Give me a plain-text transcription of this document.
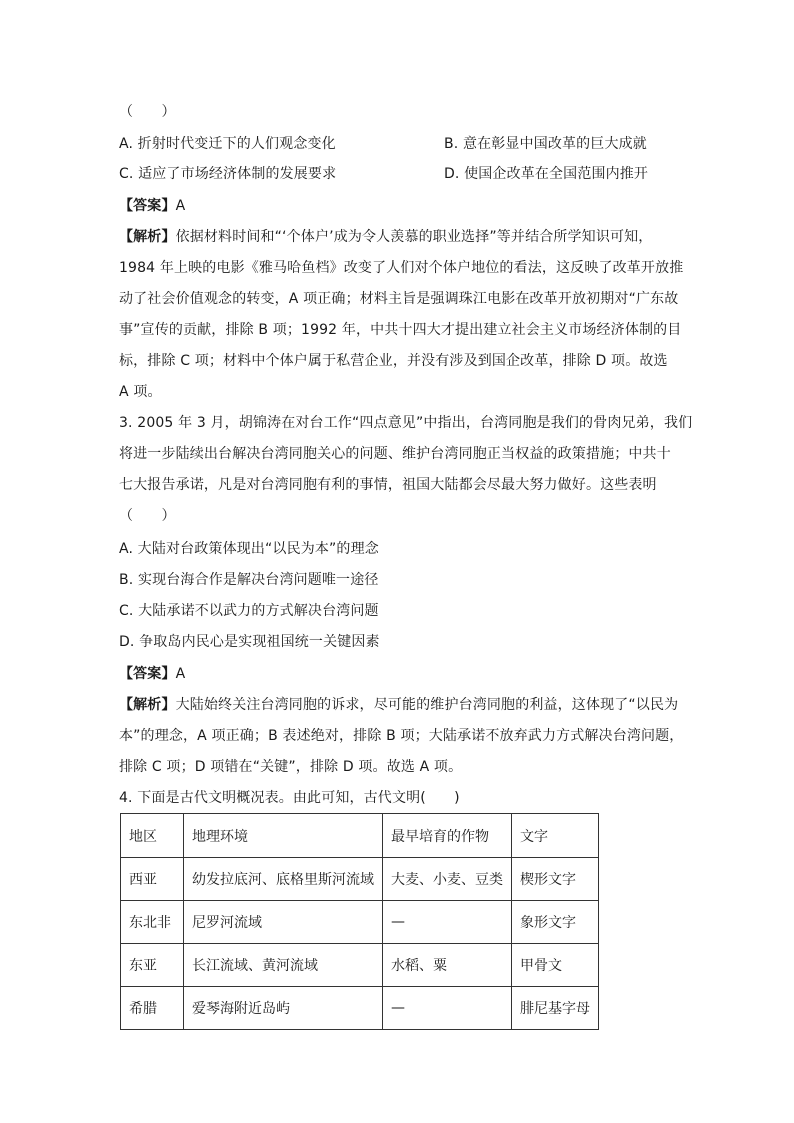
（　　）
A. 折射时代变迁下的人们观念变化	B. 意在彰显中国改革的巨大成就
C. 适应了市场经济体制的发展要求	D. 使国企改革在全国范围内推开
【答案】A
【解析】依据材料时间和“‘个体户’成为令人羡慕的职业选择”等并结合所学知识可知，
1984 年上映的电影《雅马哈鱼档》改变了人们对个体户地位的看法，这反映了改革开放推
动了社会价值观念的转变，A 项正确；材料主旨是强调珠江电影在改革开放初期对“广东故
事”宣传的贡献，排除 B 项；1992 年，中共十四大才提出建立社会主义市场经济体制的目
标，排除 C 项；材料中个体户属于私营企业，并没有涉及到国企改革，排除 D 项。故选
A 项。
3. 2005 年 3 月，胡锦涛在对台工作“四点意见”中指出，台湾同胞是我们的骨肉兄弟，我们
将进一步陆续出台解决台湾同胞关心的问题、维护台湾同胞正当权益的政策措施；中共十
七大报告承诺，凡是对台湾同胞有利的事情，祖国大陆都会尽最大努力做好。这些表明
（　　）
A. 大陆对台政策体现出“以民为本”的理念
B. 实现台海合作是解决台湾问题唯一途径
C. 大陆承诺不以武力的方式解决台湾问题
D. 争取岛内民心是实现祖国统一关键因素
【答案】A
【解析】大陆始终关注台湾同胞的诉求，尽可能的维护台湾同胞的利益，这体现了“以民为
本”的理念，A 项正确；B 表述绝对，排除 B 项；大陆承诺不放弃武力方式解决台湾问题，
排除 C 项；D 项错在“关键”，排除 D 项。故选 A 项。
4. 下面是古代文明概况表。由此可知，古代文明(　　)
地区	地理环境	最早培育的作物	文字
西亚	幼发拉底河、底格里斯河流域	大麦、小麦、豆类	楔形文字
东北非	尼罗河流域	—	象形文字
东亚	长江流域、黄河流域	水稻、粟	甲骨文
希腊	爱琴海附近岛屿	—	腓尼基字母
